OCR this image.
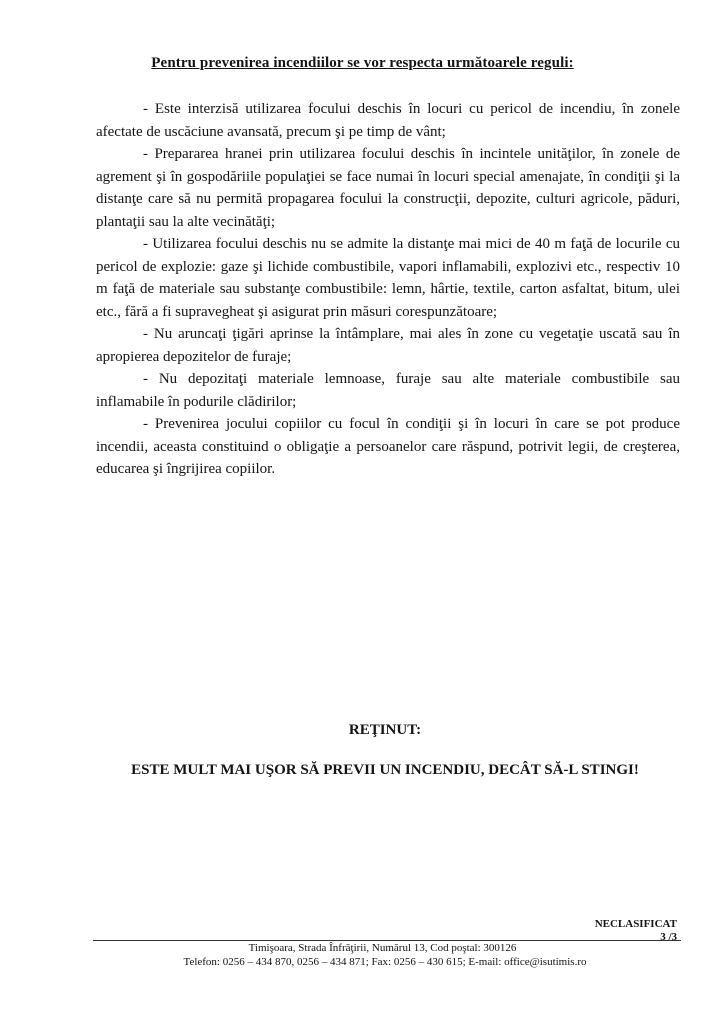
Pentru prevenirea incendiilor se vor respecta următoarele reguli:

- Este interzisă utilizarea focului deschis în locuri cu pericol de incendiu, în zonele afectate de uscăciune avansată, precum şi pe timp de vânt;

- Prepararea hranei prin utilizarea focului deschis în incintele unităţilor, în zonele de agrement şi în gospodăriile populaţiei se face numai în locuri special amenajate, în condiţii şi la distanţe care să nu permită propagarea focului la construcţii, depozite, culturi agricole, păduri, plantaţii sau la alte vecinătăţi;

- Utilizarea focului deschis nu se admite la distanţe mai mici de 40 m faţă de locurile cu pericol de explozie: gaze şi lichide combustibile, vapori inflamabili, explozivi etc., respectiv 10 m faţă de materiale sau substanţe combustibile: lemn, hârtie, textile, carton asfaltat, bitum, ulei etc., fără a fi supravegheat şi asigurat prin măsuri corespunzătoare;

- Nu aruncaţi ţigări aprinse la întâmplare, mai ales în zone cu vegetaţie uscată sau în apropierea depozitelor de furaje;

- Nu depozitaţi materiale lemnoase, furaje sau alte materiale combustibile sau inflamabile în podurile clădirilor;

- Prevenirea jocului copiilor cu focul în condiţii şi în locuri în care se pot produce incendii, aceasta constituind o obligaţie a persoanelor care răspund, potrivit legii, de creşterea, educarea şi îngrijirea copiilor.

REŢINUT:
ESTE MULT MAI UŞOR SĂ PREVII UN INCENDIU, DECÂT SĂ-L STINGI!
NECLASIFICAT
3 /3
Timişoara, Strada Înfrăţirii, Numărul 13, Cod poştal: 300126
Telefon: 0256 – 434 870, 0256 – 434 871; Fax: 0256 – 430 615; E-mail: office@isutimis.ro
